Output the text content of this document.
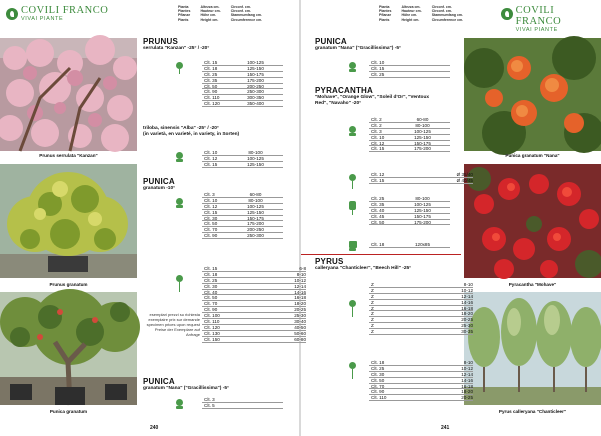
COVILI FRANCO
VIVAI PIANTE
Pianta
Plantes
Pflanze
Plants
Altezza cm.
Hauteur cm.
Höhe cm.
Height cm.
Circonf. cm.
Circonf. cm.
Stammumfang cm.
Circumference cm.
Prunus serrulata "Kanzan"
Prunus granatum
Punica granatum
PRUNUS
serrulata "Kanzan" -25° / -20°
Clt. 15	100-125
Clt. 18	125-150
Clt. 25	150-175
Clt. 35	175-200
Clt. 50	200-250
Clt. 90	250-300
Clt. 110	300-350
Clt. 120	350-400
triloba, sinensis "Alba" -25° / -20°
(in varietà, en varieté, in variety, in Sorten)
Clt. 10	80-100
Clt. 12	100-125
Clt. 15	125-150
PUNICA
granatum -10°
Clt. 3	60-80
Clt. 10	80-100
Clt. 12	100-125
Clt. 15	125-150
Clt. 30	150-175
Clt. 50	175-200
Clt. 70	200-250
Clt. 90	250-300
Clt. 15	6-8
Clt. 18	8-10
Clt. 25	10-12
Clt. 30	12-14
Clt. 40	14-16
Clt. 50	16-18
Clt. 70	18-20
Clt. 90	20-25
Clt. 100	25-30
Clt. 110	30-40
Clt. 120	40-50
Clt. 130	50-60
Clt. 150	60-80
esemplari prezzi su richiesta
exemplaire prix sur demande
specimen prices upon request
Preise der Exemplare auf Anfrage
PUNICA
granatum "Nana" ("Gracillissima") -5°
Clt. 3
Clt. 5
240
Pianta
Plantes
Pflanze
Plants
Altezza cm.
Hauteur cm.
Höhe cm.
Height cm.
Circonf. cm.
Circonf. cm.
Stammumfang cm.
Circumference cm.
COVILI FRANCO
VIVAI PIANTE
Punica granatum "Nana"
Pyracantha "Mohave"
Pyrus calleryana "Chanticleer"
PUNICA
granatum "Nana" ("Gracillissima") -5°
Clt. 10
Clt. 15
Clt. 25
PYRACANTHA
"Mohave", "Orange Glow", "Soleil d'Or", "Ventoux
Red", "Navaho" -20°
Clt. 2	60-80
Clt. 2	80-100
Clt. 3	100-125
Clt. 10	125-150
Clt. 12	150-175
Clt. 15	175-200
Clt. 12	Ø 35/40
Clt. 15	Ø 40/45
Clt. 25	80-100
Clt. 35	100-125
Clt. 40	125-150
Clt. 45	150-175
Clt. 50	175-200
Clt. 18	120x85
PYRUS
calleryana "Chanticleer", "Beech Hill" -25°
Z	8-10
Z	10-12
Z	12-14
Z	14-16
Z	16-18
Z	18-20
Z	20-25
Z	25-30
Z	30-35
Clt. 18	8-10
Clt. 25	10-12
Clt. 30	12-14
Clt. 50	14-16
Clt. 70	16-18
Clt. 90	18-20
Clt. 110	20-25
241
